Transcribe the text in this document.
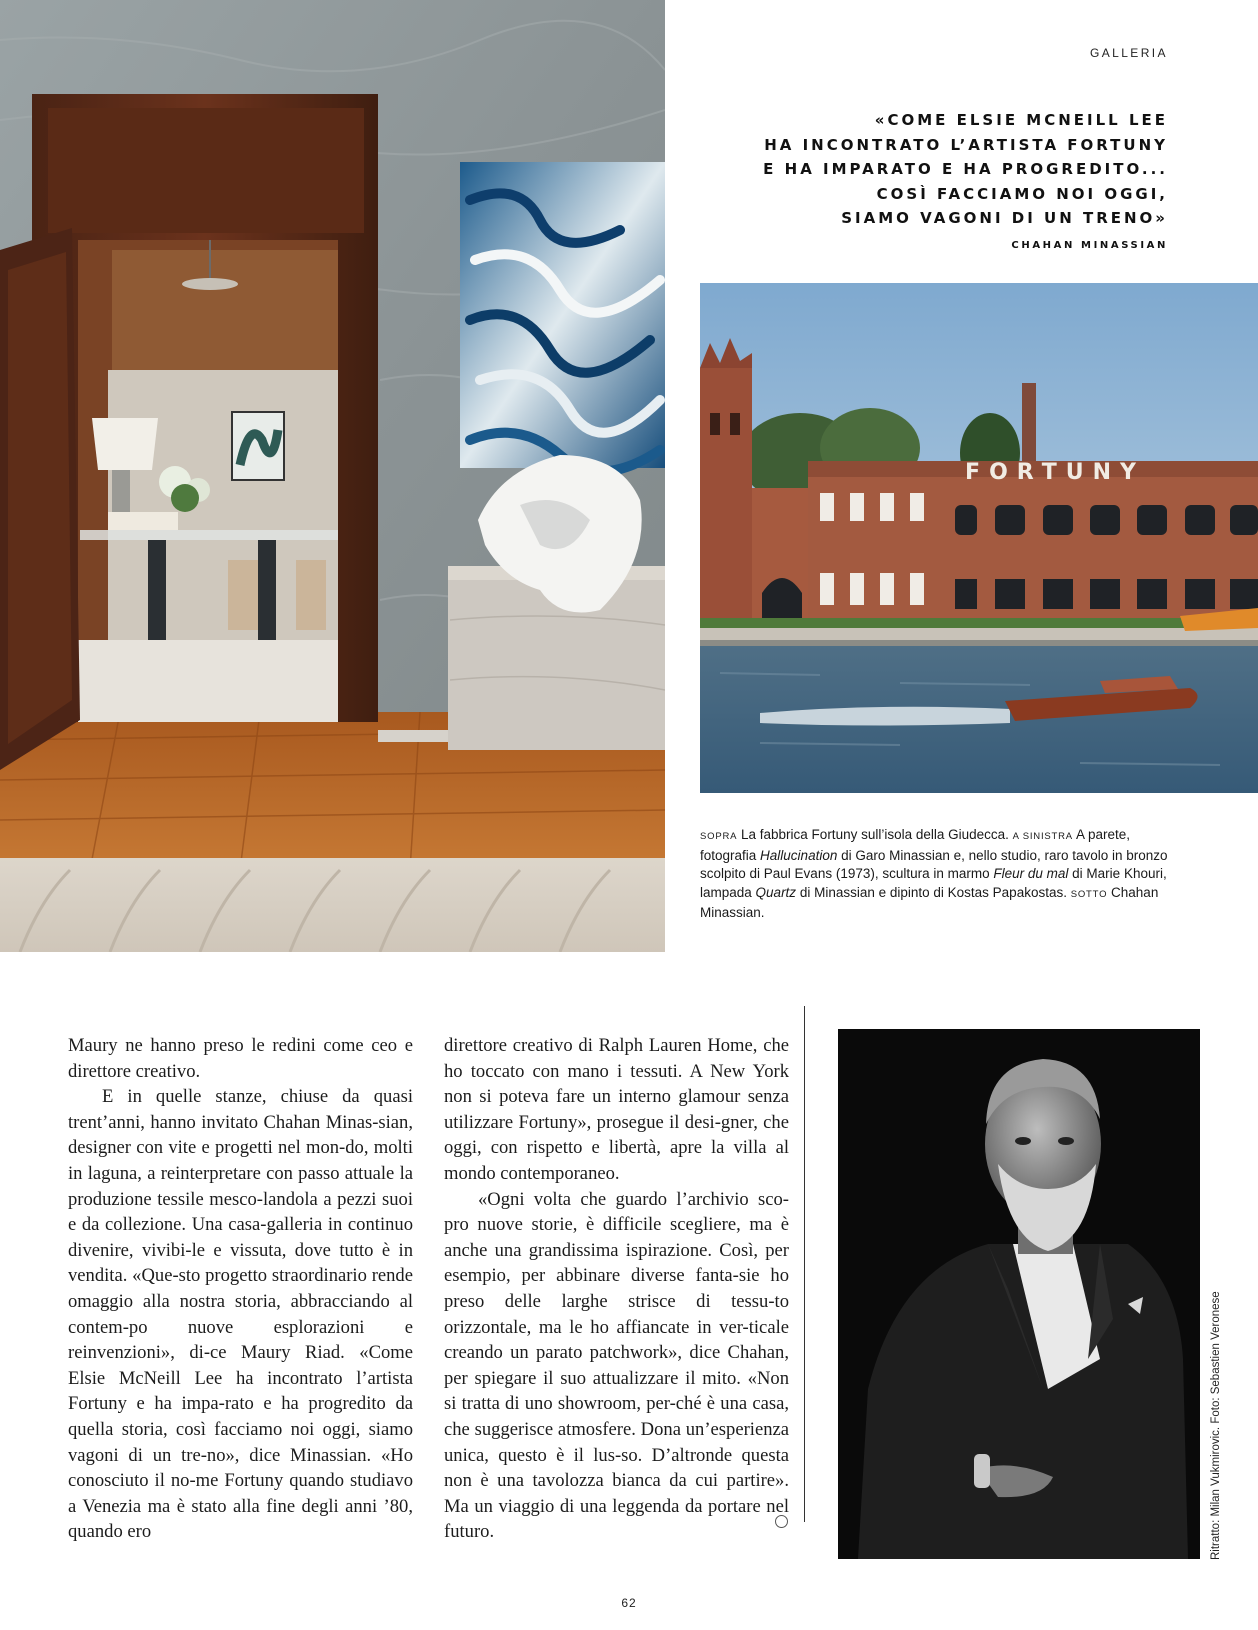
GALLERIA
«COME ELSIE MCNEILL LEE
HA INCONTRATO L’ARTISTA FORTUNY
E HA IMPARATO E HA PROGREDITO...
COSÌ FACCIAMO NOI OGGI,
SIAMO VAGONI DI UN TRENO»
CHAHAN MINASSIAN
FORTUNY
SOPRA La fabbrica Fortuny sull’isola della Giudecca. A SINISTRA A parete, fotografia Hallucination di Garo Minassian e, nello studio, raro tavolo in bronzo scolpito di Paul Evans (1973), scultura in marmo Fleur du mal di Marie Khouri, lampada Quartz di Minassian e dipinto di Kostas Papakostas. SOTTO Chahan Minassian.

Maury ne hanno preso le redini come ceo e direttore creativo.

E in quelle stanze, chiuse da quasi trent’anni, hanno invitato Chahan Minas-sian, designer con vite e progetti nel mon-do, molti in laguna, a reinterpretare con passo attuale la produzione tessile mesco-landola a pezzi suoi e da collezione. Una casa-galleria in continuo divenire, vivibi-le e vissuta, dove tutto è in vendita. «Que-sto progetto straordinario rende omaggio alla nostra storia, abbracciando al contem-po nuove esplorazioni e reinvenzioni», di-ce Maury Riad. «Come Elsie McNeill Lee ha incontrato l’artista Fortuny e ha impa-rato e ha progredito da quella storia, così facciamo noi oggi, siamo vagoni di un tre-no», dice Minassian. «Ho conosciuto il no-me Fortuny quando studiavo a Venezia ma è stato alla fine degli anni ’80, quando ero

direttore creativo di Ralph Lauren Home, che ho toccato con mano i tessuti. A New York non si poteva fare un interno glamour senza utilizzare Fortuny», prosegue il desi-gner, che oggi, con rispetto e libertà, apre la villa al mondo contemporaneo.

«Ogni volta che guardo l’archivio sco-pro nuove storie, è difficile scegliere, ma è anche una grandissima ispirazione. Così, per esempio, per abbinare diverse fanta-sie ho preso delle larghe strisce di tessu-to orizzontale, ma le ho affiancate in ver-ticale creando un parato patchwork», dice Chahan, per spiegare il suo attualizzare il mito. «Non si tratta di uno showroom, per-ché è una casa, che suggerisce atmosfere. Dona un’esperienza unica, questo è il lus-so. D’altronde questa non è una tavolozza bianca da cui partire». Ma un viaggio di una leggenda da portare nel futuro.	Ritratto: Milan Vukmirovic. Foto: Sebastien Veronese
62
